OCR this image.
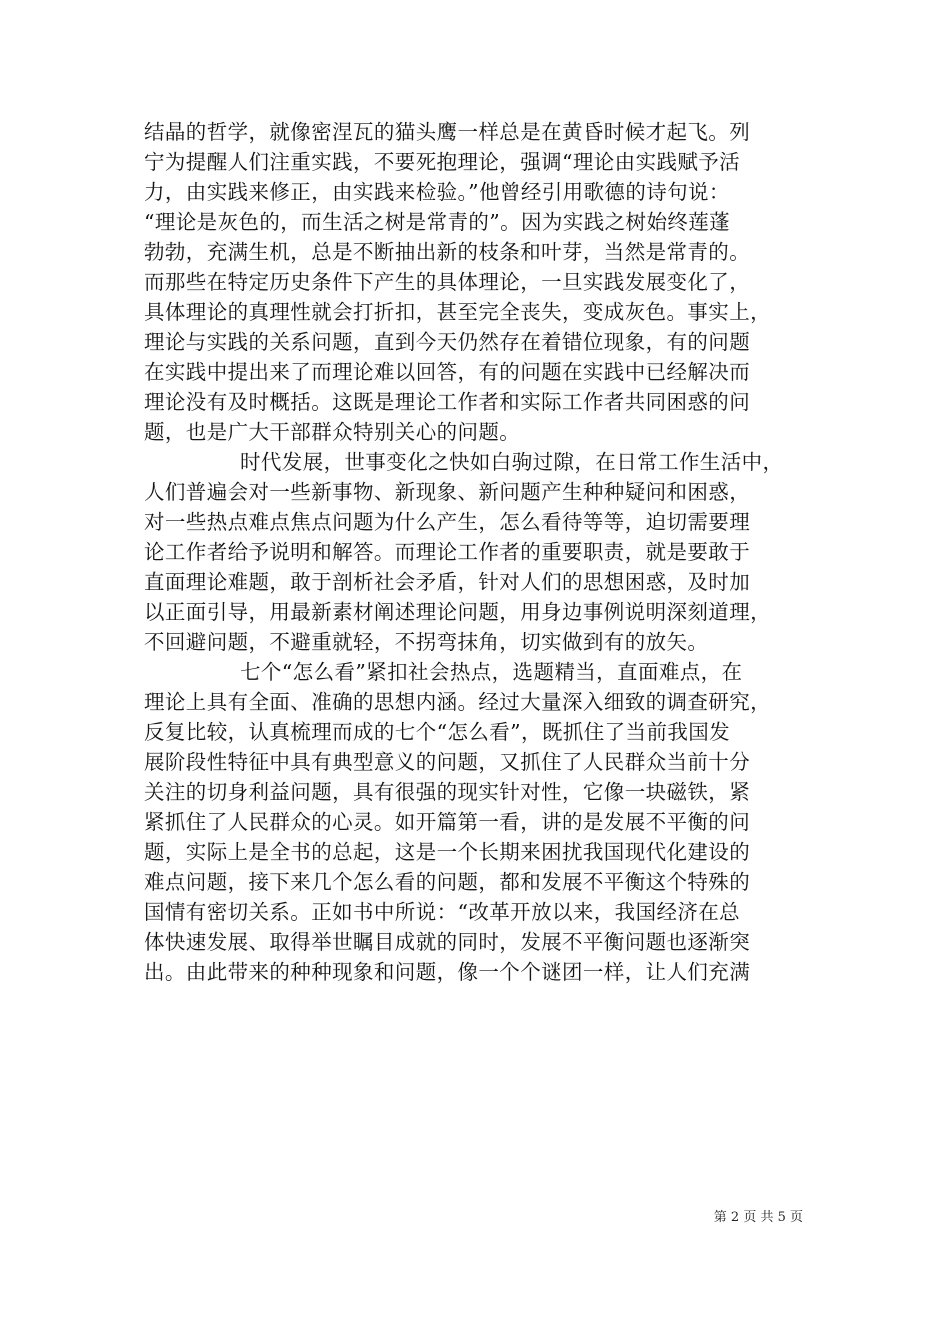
结晶的哲学，就像密涅瓦的猫头鹰一样总是在黄昏时候才起飞。列
宁为提醒人们注重实践，不要死抱理论，强调“理论由实践赋予活
力，由实践来修正，由实践来检验。”他曾经引用歌德的诗句说：
“理论是灰色的，而生活之树是常青的”。因为实践之树始终莲蓬
勃勃，充满生机，总是不断抽出新的枝条和叶芽，当然是常青的。
而那些在特定历史条件下产生的具体理论，一旦实践发展变化了，
具体理论的真理性就会打折扣，甚至完全丧失，变成灰色。事实上，
理论与实践的关系问题，直到今天仍然存在着错位现象，有的问题
在实践中提出来了而理论难以回答，有的问题在实践中已经解决而
理论没有及时概括。这既是理论工作者和实际工作者共同困惑的问
题，也是广大干部群众特别关心的问题。
时代发展，世事变化之快如白驹过隙，在日常工作生活中，
人们普遍会对一些新事物、新现象、新问题产生种种疑问和困惑，
对一些热点难点焦点问题为什么产生，怎么看待等等，迫切需要理
论工作者给予说明和解答。而理论工作者的重要职责，就是要敢于
直面理论难题，敢于剖析社会矛盾，针对人们的思想困惑，及时加
以正面引导，用最新素材阐述理论问题，用身边事例说明深刻道理，
不回避问题，不避重就轻，不拐弯抹角，切实做到有的放矢。
七个“怎么看”紧扣社会热点，选题精当，直面难点，在
理论上具有全面、准确的思想内涵。经过大量深入细致的调查研究，
反复比较，认真梳理而成的七个“怎么看”，既抓住了当前我国发
展阶段性特征中具有典型意义的问题，又抓住了人民群众当前十分
关注的切身利益问题，具有很强的现实针对性，它像一块磁铁，紧
紧抓住了人民群众的心灵。如开篇第一看，讲的是发展不平衡的问
题，实际上是全书的总起，这是一个长期来困扰我国现代化建设的
难点问题，接下来几个怎么看的问题，都和发展不平衡这个特殊的
国情有密切关系。正如书中所说：“改革开放以来，我国经济在总
体快速发展、取得举世瞩目成就的同时，发展不平衡问题也逐渐突
出。由此带来的种种现象和问题，像一个个谜团一样，让人们充满
第 2 页 共 5 页
